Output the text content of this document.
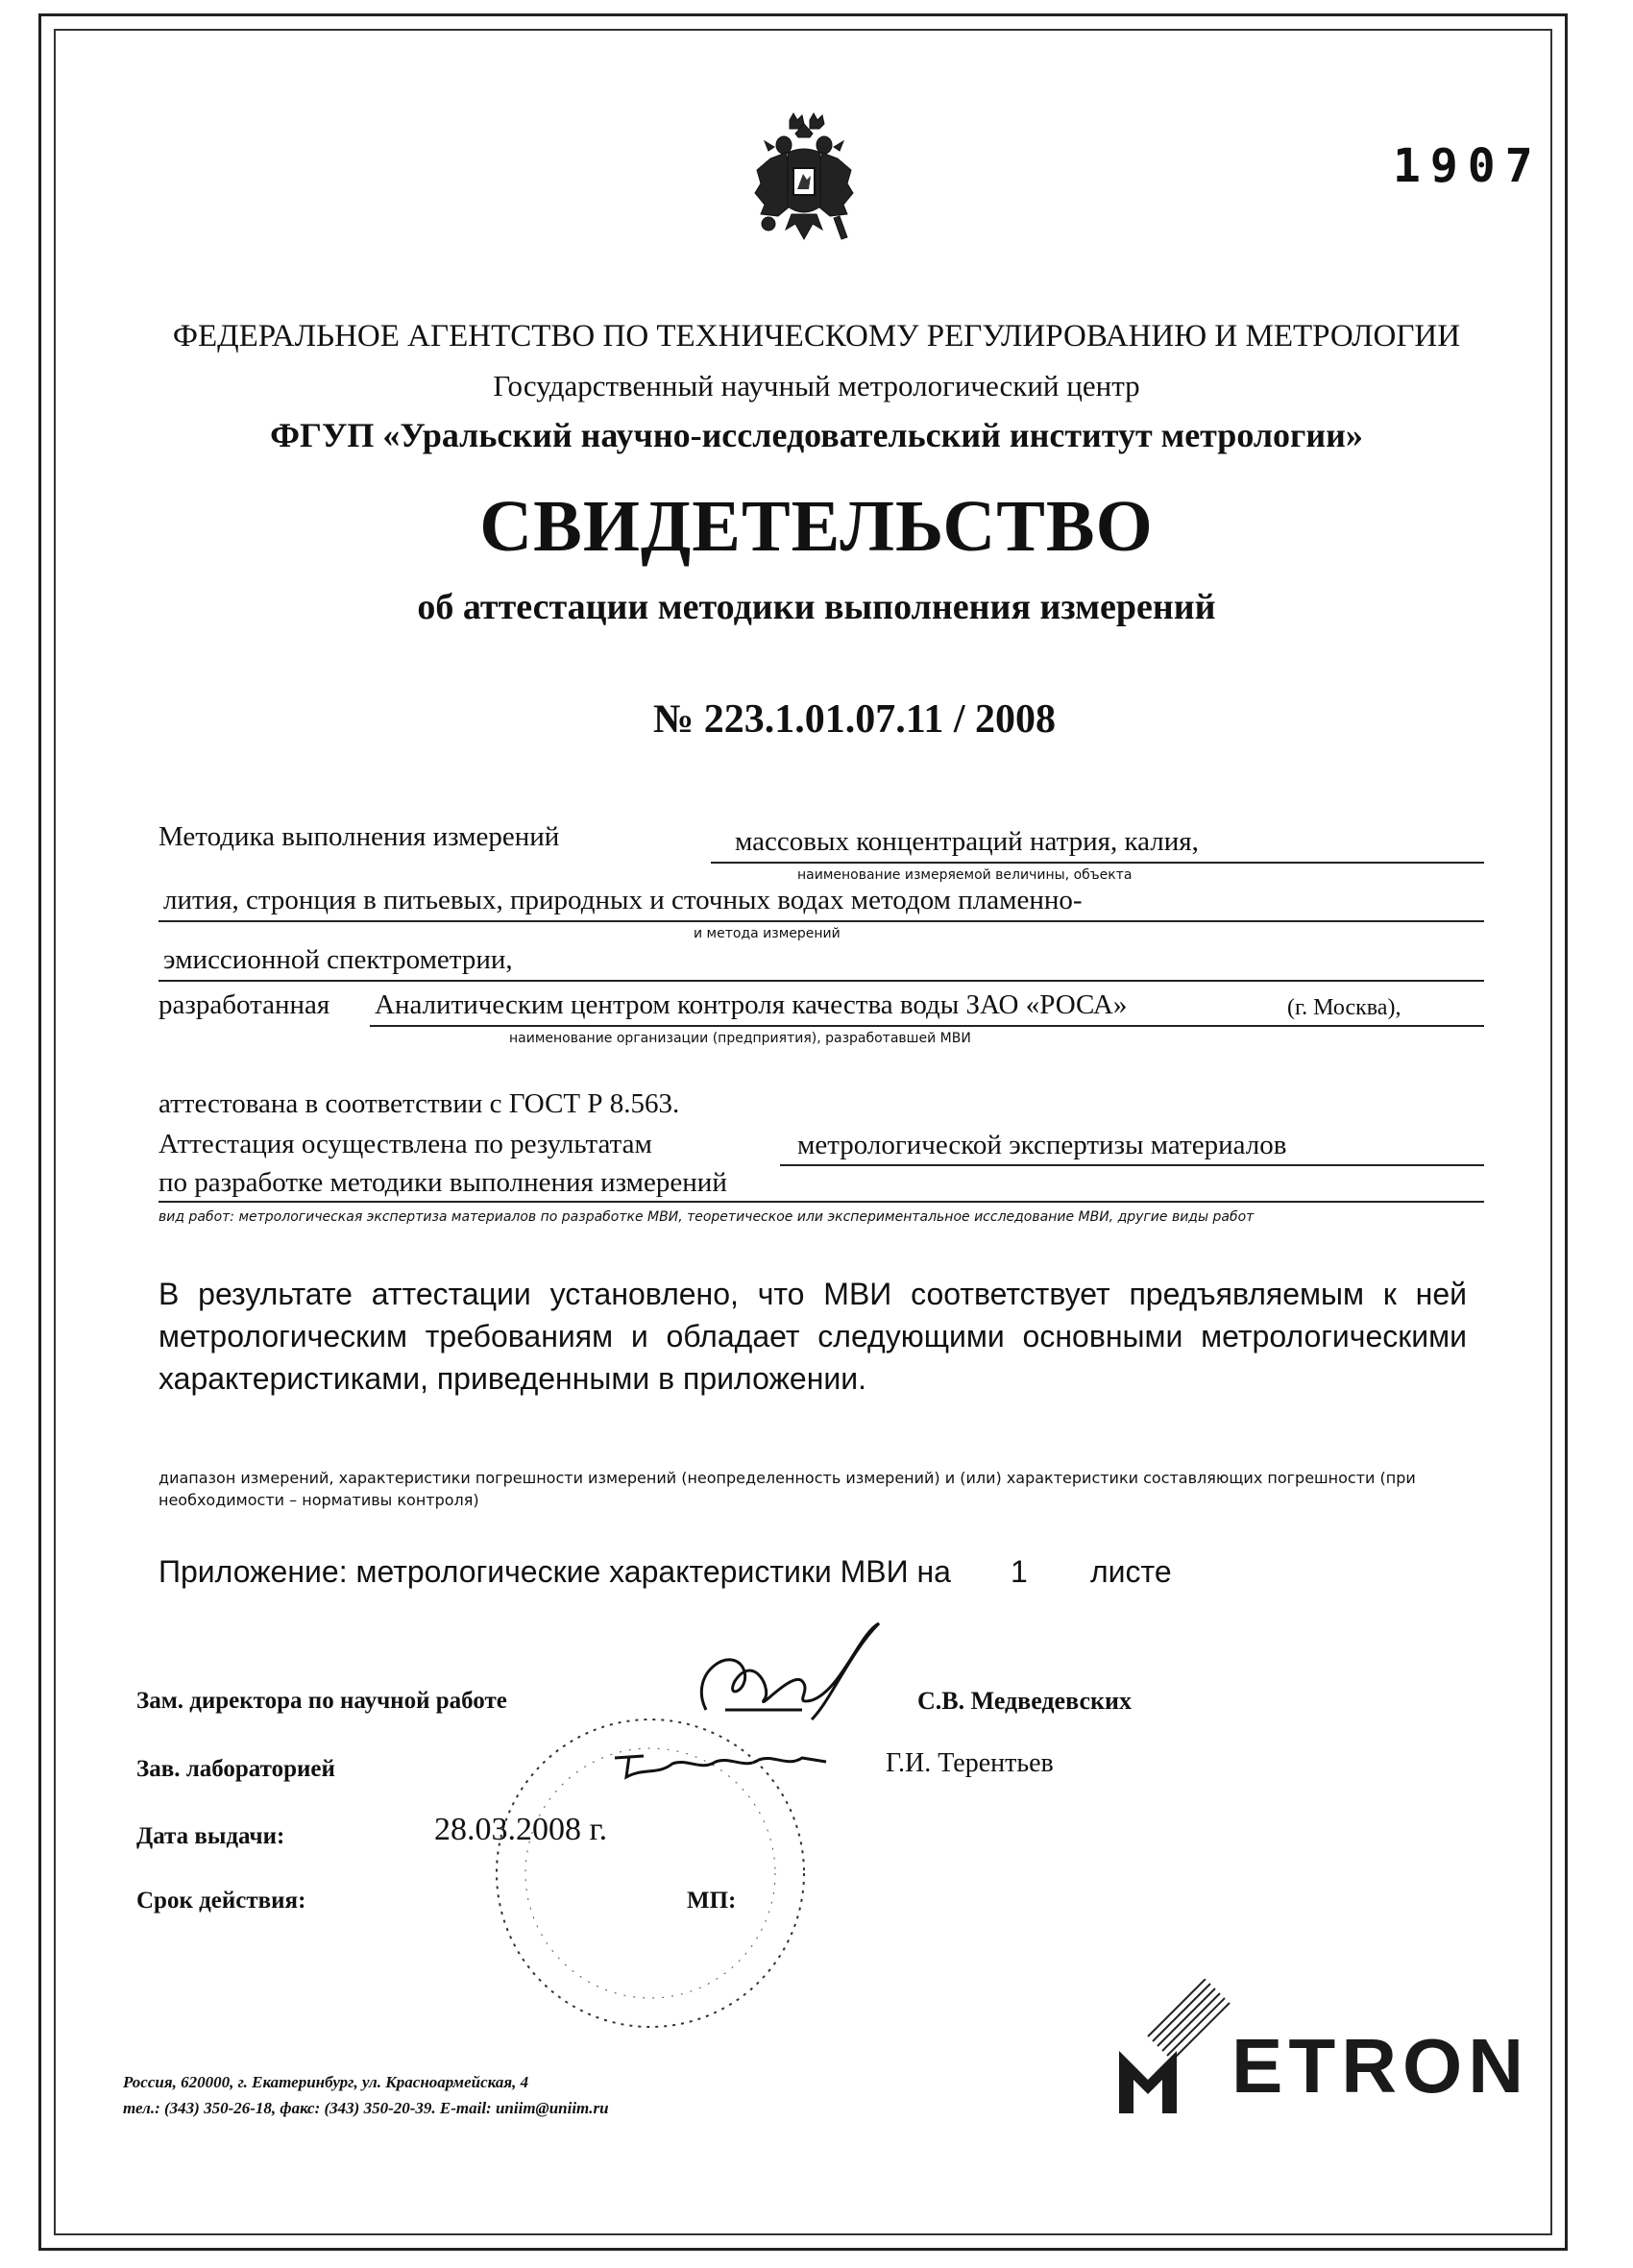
1907
ФЕДЕРАЛЬНОЕ АГЕНТСТВО ПО ТЕХНИЧЕСКОМУ РЕГУЛИРОВАНИЮ И МЕТРОЛОГИИ
Государственный научный метрологический центр
ФГУП «Уральский научно-исследовательский институт метрологии»
СВИДЕТЕЛЬСТВО
об аттестации методики выполнения измерений
№ 223.1.01.07.11 / 2008
Методика выполнения измерений	массовых концентраций натрия, калия,
наименование измеряемой величины, объекта
лития, стронция в питьевых, природных и сточных водах методом пламенно-
и метода измерений
эмиссионной спектрометрии,
разработанная Аналитическим центром контроля качества воды ЗАО «РОСА»	(г. Москва),
наименование организации (предприятия), разработавшей МВИ
аттестована в соответствии с ГОСТ Р 8.563.
Аттестация осуществлена по результатам	метрологической экспертизы материалов
по разработке методики выполнения измерений
вид работ: метрологическая экспертиза материалов по разработке МВИ, теоретическое или экспериментальное исследование МВИ, другие виды работ
В результате аттестации установлено, что МВИ соответствует предъявляемым к ней метрологическим требованиям и обладает следующими основными метрологическими характеристиками, приведенными в приложении.
диапазон измерений, характеристики погрешности измерений (неопределенность измерений) и (или) характеристики составляющих погрешности (при необходимости – нормативы контроля)
Приложение: метрологические характеристики МВИ на 1 листе
Зам. директора по научной работе	С.В. Медведевских
Зав. лабораторией	Г.И. Терентьев
Дата выдачи:	28.03.2008 г.
Срок действия:	МП:
Россия, 620000, г. Екатеринбург, ул. Красноармейская, 4
тел.: (343) 350-26-18, факс: (343) 350-20-39. E-mail: uniim@uniim.ru	ETRON
